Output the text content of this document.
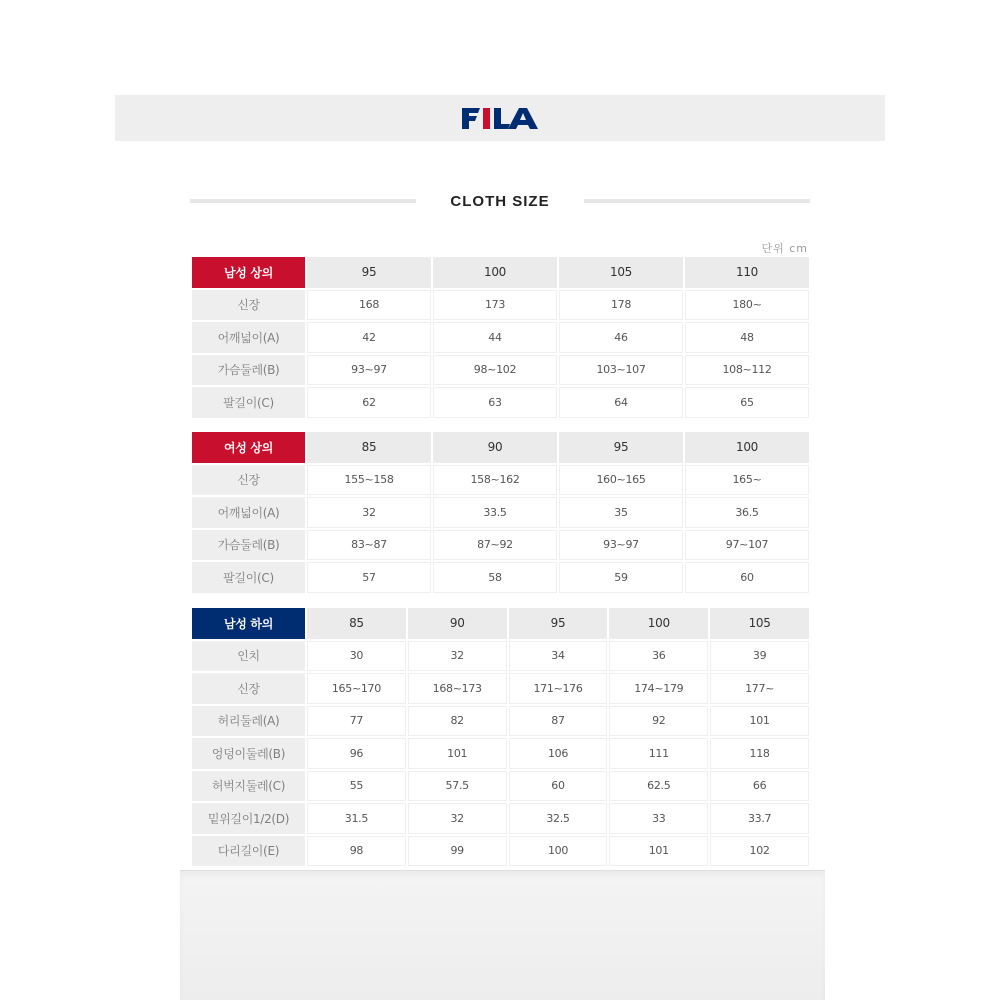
CLOTH SIZE
단위 cm
남성 상의	95	100	105	110
신장	168	173	178	180~
어깨넓이(A)	42	44	46	48
가슴둘레(B)	93~97	98~102	103~107	108~112
팔길이(C)	62	63	64	65
여성 상의	85	90	95	100
신장	155~158	158~162	160~165	165~
어깨넓이(A)	32	33.5	35	36.5
가슴둘레(B)	83~87	87~92	93~97	97~107
팔길이(C)	57	58	59	60
남성 하의	85	90	95	100	105
인치	30	32	34	36	39
신장	165~170	168~173	171~176	174~179	177~
허리둘레(A)	77	82	87	92	101
엉덩이둘레(B)	96	101	106	111	118
허벅지둘레(C)	55	57.5	60	62.5	66
밑위길이1/2(D)	31.5	32	32.5	33	33.7
다리길이(E)	98	99	100	101	102
